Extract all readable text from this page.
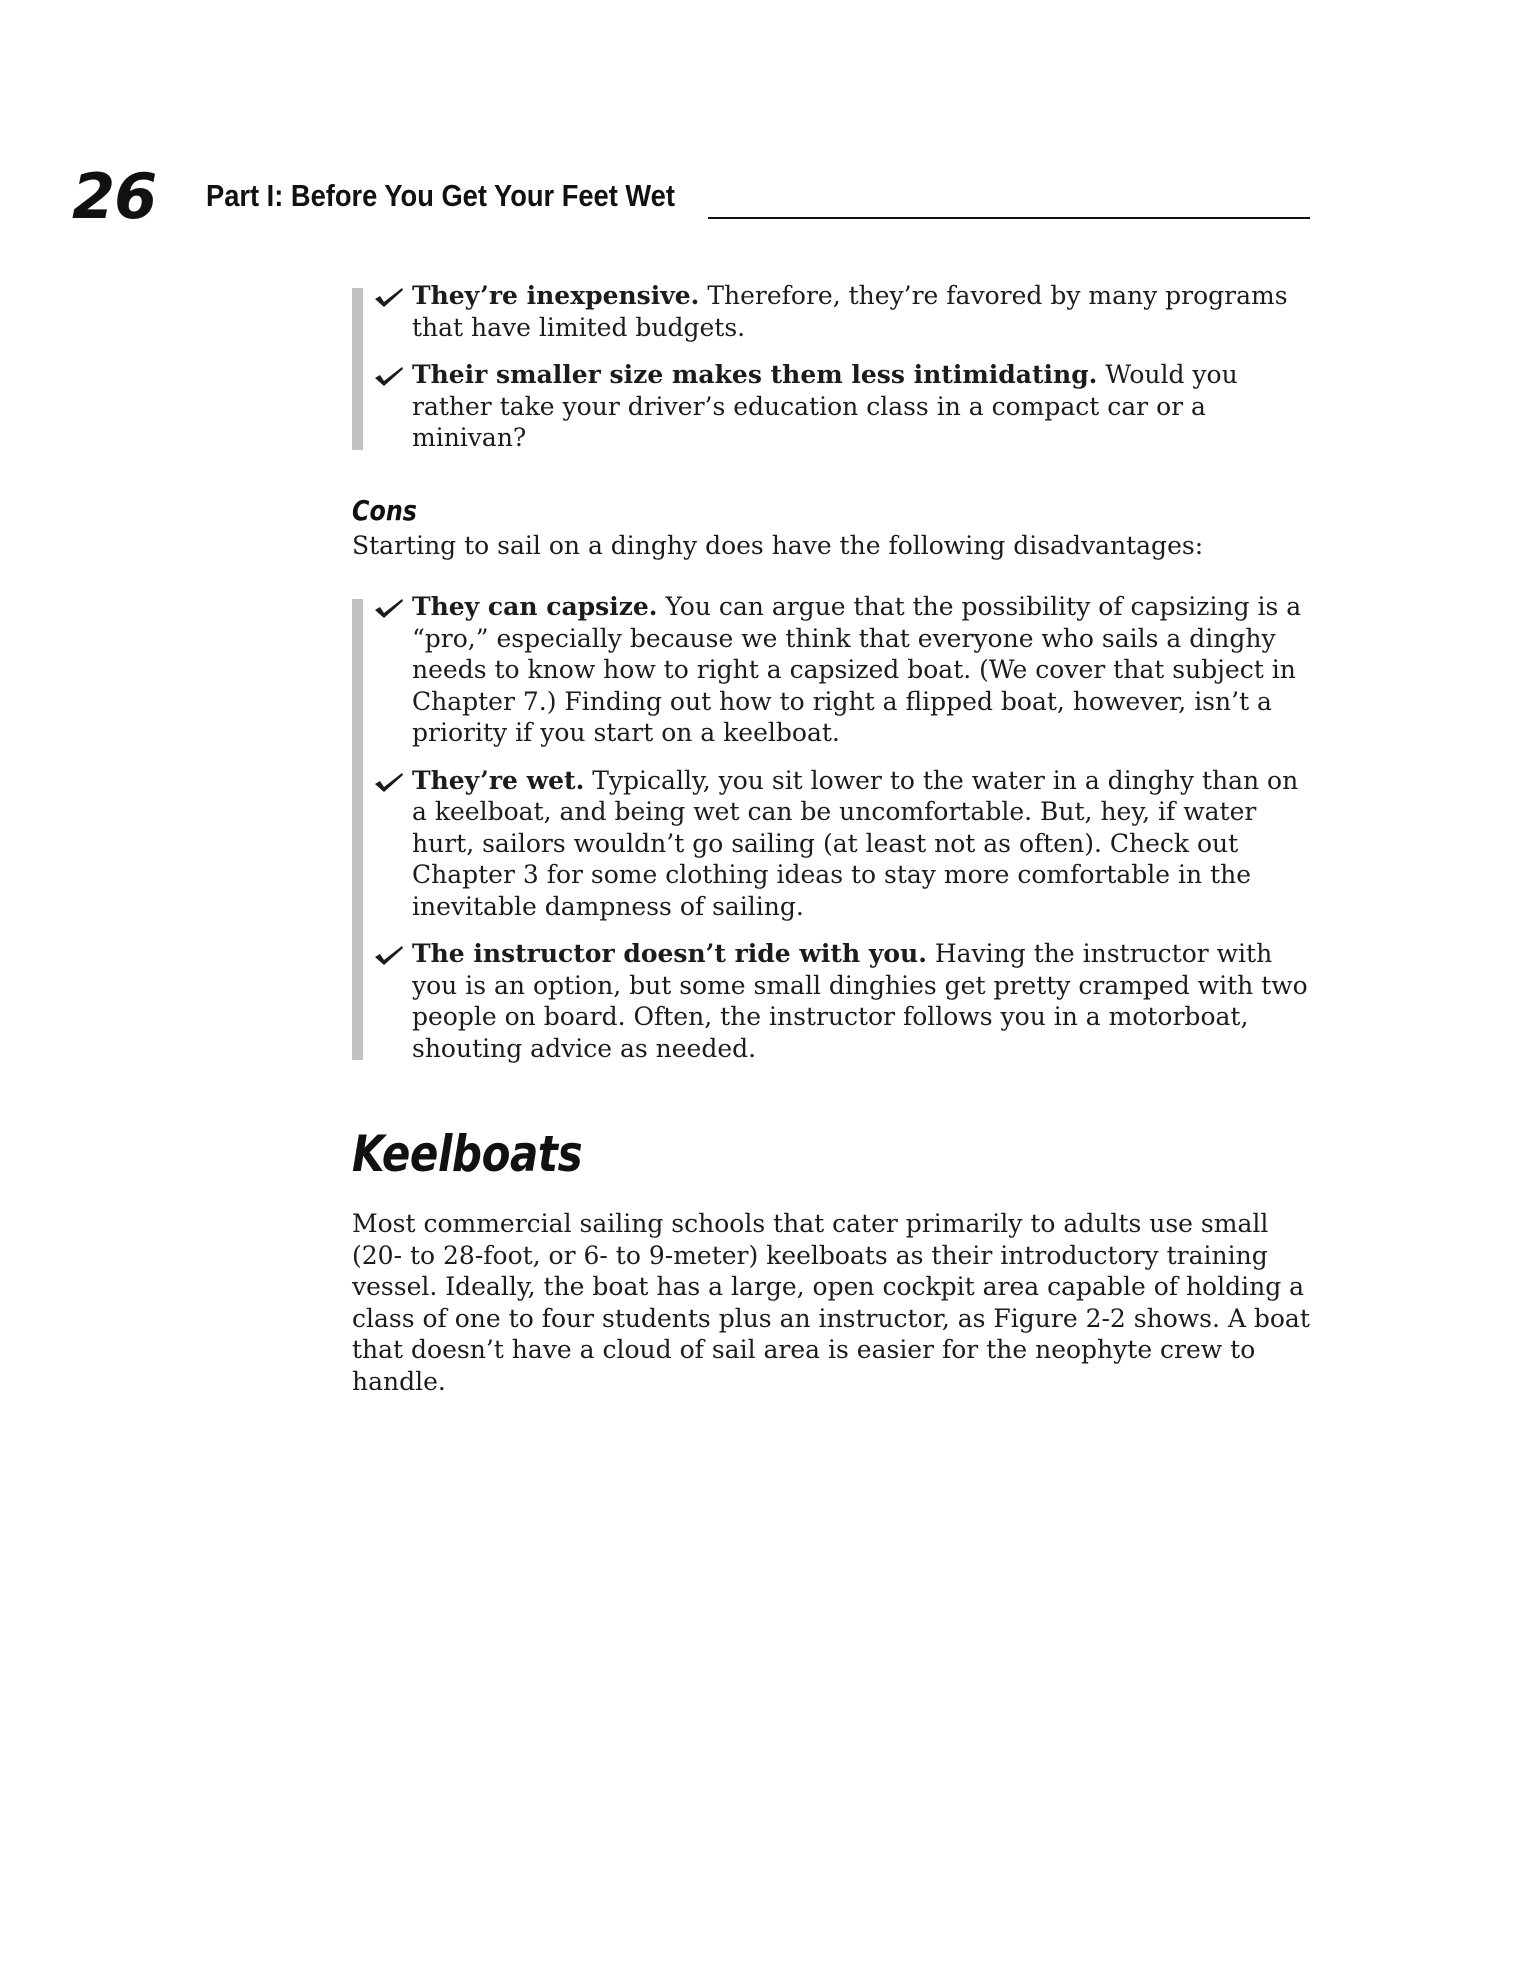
26 Part I: Before You Get Your Feet Wet
They’re inexpensive. Therefore, they’re favored by many programs that have limited budgets.
Their smaller size makes them less intimidating. Would you rather take your driver’s education class in a compact car or a minivan?
Cons

Starting to sail on a dinghy does have the following disadvantages:

They can capsize. You can argue that the possibility of capsizing is a “pro,” especially because we think that everyone who sails a dinghy needs to know how to right a capsized boat. (We cover that subject in Chapter 7.) Finding out how to right a flipped boat, however, isn’t a priority if you start on a keelboat.
They’re wet. Typically, you sit lower to the water in a dinghy than on a keelboat, and being wet can be uncomfortable. But, hey, if water hurt, sailors wouldn’t go sailing (at least not as often). Check out Chapter 3 for some clothing ideas to stay more comfortable in the inevitable dampness of sailing.
The instructor doesn’t ride with you. Having the instructor with you is an option, but some small dinghies get pretty cramped with two people on board. Often, the instructor follows you in a motorboat, shouting advice as needed.
Keelboats

Most commercial sailing schools that cater primarily to adults use small (20- to 28-foot, or 6- to 9-meter) keelboats as their introductory training vessel. Ideally, the boat has a large, open cockpit area capable of holding a class of one to four students plus an instructor, as Figure 2-2 shows. A boat that doesn’t have a cloud of sail area is easier for the neophyte crew to handle.
